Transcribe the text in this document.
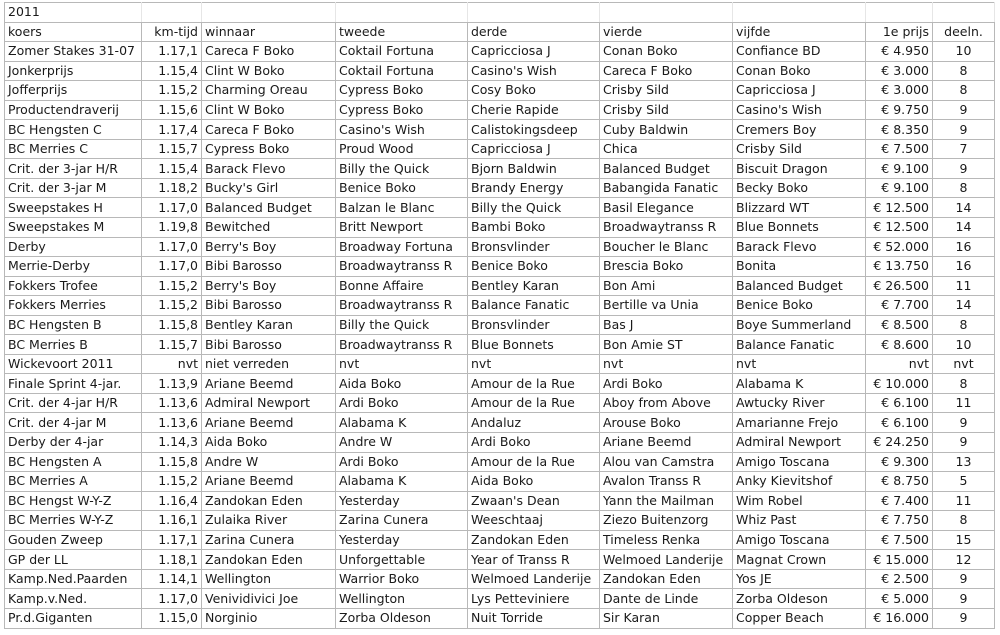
2011								
koers	km-tijd	winnaar	tweede	derde	vierde	vijfde	1e prijs	deeln.
Zomer Stakes 31-07	1.17,1	Careca F Boko	Coktail Fortuna	Capricciosa J	Conan Boko	Confiance BD	€ 4.950	10
Jonkerprijs	1.15,4	Clint W Boko	Coktail Fortuna	Casino's Wish	Careca F Boko	Conan Boko	€ 3.000	8
Jofferprijs	1.15,2	Charming Oreau	Cypress Boko	Cosy Boko	Crisby Sild	Capricciosa J	€ 3.000	8
Productendraverij	1.15,6	Clint W Boko	Cypress Boko	Cherie Rapide	Crisby Sild	Casino's Wish	€ 9.750	9
BC Hengsten C	1.17,4	Careca F Boko	Casino's Wish	Calistokingsdeep	Cuby Baldwin	Cremers Boy	€ 8.350	9
BC Merries C	1.15,7	Cypress Boko	Proud Wood	Capricciosa J	Chica	Crisby Sild	€ 7.500	7
Crit. der 3-jar H/R	1.15,4	Barack Flevo	Billy the Quick	Bjorn Baldwin	Balanced Budget	Biscuit Dragon	€ 9.100	9
Crit. der 3-jar M	1.18,2	Bucky's Girl	Benice Boko	Brandy Energy	Babangida Fanatic	Becky Boko	€ 9.100	8
Sweepstakes H	1.17,0	Balanced Budget	Balzan le Blanc	Billy the Quick	Basil Elegance	Blizzard WT	€ 12.500	14
Sweepstakes M	1.19,8	Bewitched	Britt Newport	Bambi Boko	Broadwaytranss R	Blue Bonnets	€ 12.500	14
Derby	1.17,0	Berry's Boy	Broadway Fortuna	Bronsvlinder	Boucher le Blanc	Barack Flevo	€ 52.000	16
Merrie-Derby	1.17,0	Bibi Barosso	Broadwaytranss R	Benice Boko	Brescia Boko	Bonita	€ 13.750	16
Fokkers Trofee	1.15,2	Berry's Boy	Bonne Affaire	Bentley Karan	Bon Ami	Balanced Budget	€ 26.500	11
Fokkers Merries	1.15,2	Bibi Barosso	Broadwaytranss R	Balance Fanatic	Bertille va Unia	Benice Boko	€ 7.700	14
BC Hengsten B	1.15,8	Bentley Karan	Billy the Quick	Bronsvlinder	Bas J	Boye Summerland	€ 8.500	8
BC Merries B	1.15,7	Bibi Barosso	Broadwaytranss R	Blue Bonnets	Bon Amie ST	Balance Fanatic	€ 8.600	10
Wickevoort 2011	nvt	niet verreden	nvt	nvt	nvt	nvt	nvt	nvt
Finale Sprint 4-jar.	1.13,9	Ariane Beemd	Aida Boko	Amour de la Rue	Ardi Boko	Alabama K	€ 10.000	8
Crit. der 4-jar H/R	1.13,6	Admiral Newport	Ardi Boko	Amour de la Rue	Aboy from Above	Awtucky River	€ 6.100	11
Crit. der 4-jar M	1.13,6	Ariane Beemd	Alabama K	Andaluz	Arouse Boko	Amarianne Frejo	€ 6.100	9
Derby der 4-jar	1.14,3	Aida Boko	Andre W	Ardi Boko	Ariane Beemd	Admiral Newport	€ 24.250	9
BC Hengsten A	1.15,8	Andre W	Ardi Boko	Amour de la Rue	Alou van Camstra	Amigo Toscana	€ 9.300	13
BC Merries A	1.15,2	Ariane Beemd	Alabama K	Aida Boko	Avalon Transs R	Anky Kievitshof	€ 8.750	5
BC Hengst W-Y-Z	1.16,4	Zandokan Eden	Yesterday	Zwaan's Dean	Yann the Mailman	Wim Robel	€ 7.400	11
BC Merries W-Y-Z	1.16,1	Zulaika River	Zarina Cunera	Weeschtaaj	Ziezo Buitenzorg	Whiz Past	€ 7.750	8
Gouden Zweep	1.17,1	Zarina Cunera	Yesterday	Zandokan Eden	Timeless Renka	Amigo Toscana	€ 7.500	15
GP der LL	1.18,1	Zandokan Eden	Unforgettable	Year of Transs R	Welmoed Landerije	Magnat Crown	€ 15.000	12
Kamp.Ned.Paarden	1.14,1	Wellington	Warrior Boko	Welmoed Landerije	Zandokan Eden	Yos JE	€ 2.500	9
Kamp.v.Ned.	1.17,0	Venividivici Joe	Wellington	Lys Petteviniere	Dante de Linde	Zorba Oldeson	€ 5.000	9
Pr.d.Giganten	1.15,0	Norginio	Zorba Oldeson	Nuit Torride	Sir Karan	Copper Beach	€ 16.000	9
